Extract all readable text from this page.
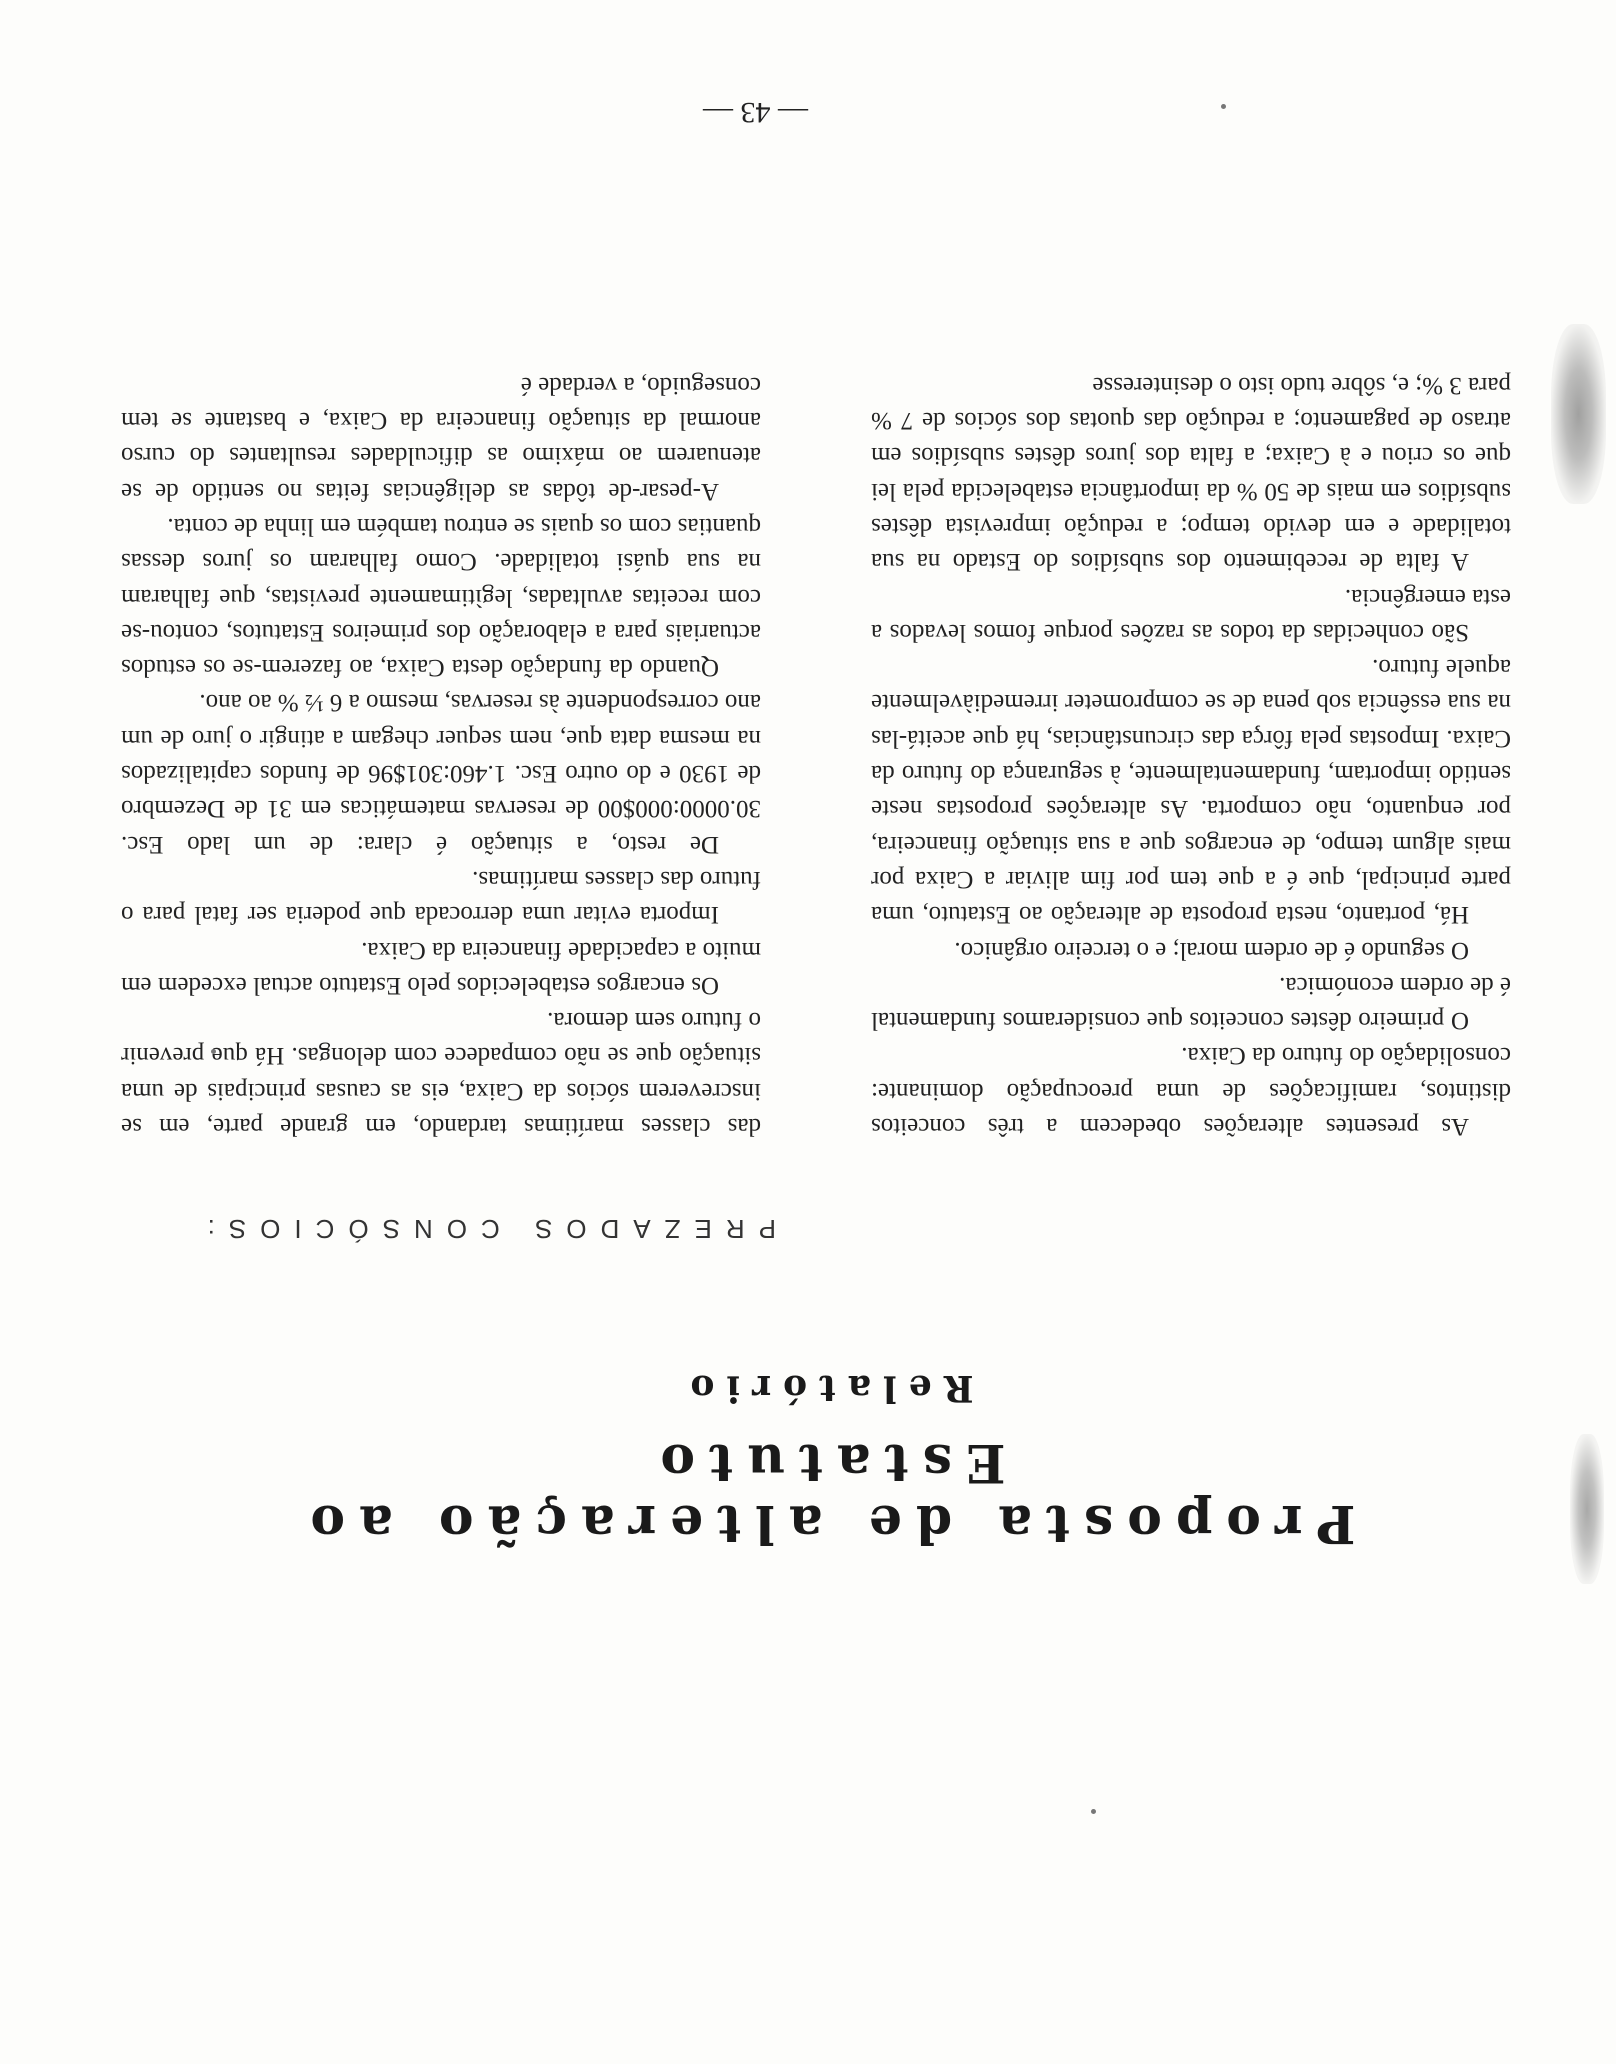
Proposta de alteração ao Estatuto
Relatório
PREZADOS CONSÓCIOS:

As presentes alterações obedecem a três conceitos distintos, ramificações de uma preocupação dominante: consolidação do futuro da Caixa.

O primeiro dêstes conceitos que consideramos fundamental é de ordem económica.

O segundo é de ordem moral; e o terceiro orgânico.

Há, portanto, nesta proposta de alteração ao Estatuto, uma parte principal, que é a que tem por fim aliviar a Caixa por mais algum tempo, de encargos que a sua situação financeira, por enquanto, não comporta. As alterações propostas neste sentido importam, fundamentalmente, à segurança do futuro da Caixa. Impostas pela fôrça das circunstâncias, há que aceitá-las na sua essência sob pena de se comprometer irremediàvelmente aquele futuro.

São conhecidas da todos as razões porque fomos levados a esta emergência.

A falta de recebimento dos subsídios do Estado na sua totalidade e em devido tempo; a redução imprevista dêstes subsídios em mais de 50 % da importância estabelecida pela lei que os criou e à Caixa; a falta dos juros dêstes subsídios em atraso de pagamento; a redução das quotas dos sócios de 7 % para 3 %; e, sôbre tudo isto o desinteresse

das classes marítimas tardando, em grande parte, em se inscreverem sócios da Caixa, eis as causas principais de uma situação que se não compadece com delongas. Há que prevenir o futuro sem demora.

Os encargos estabelecidos pelo Estatuto actual excedem em muito a capacidade financeira da Caixa.

Importa evitar uma derrocada que poderia ser fatal para o futuro das classes marítimas.

De resto, a situação é clara: de um lado Esc. 30.0000:000$00 de reservas matemáticas em 31 de Dezembro de 1930 e do outro Esc. 1.460:301$96 de fundos capitalizados na mesma data que, nem sequer chegam a atingir o juro de um ano correspondente às reservas, mesmo a 6 ½ % ao ano.

Quando da fundação desta Caixa, ao fazerem-se os estudos actuariais para a elaboração dos primeiros Estatutos, contou-se com receitas avultadas, legìtimamente previstas, que falharam na sua quási totalidade. Como falharam os juros dessas quantias com os quais se entrou também em linha de conta.

A-pesar-de tôdas as deligências feitas no sentido de se atenuarem ao máximo as dificuldades resultantes do curso anormal da situação financeira da Caixa, e bastante se tem conseguido, a verdade é

— 43 —
